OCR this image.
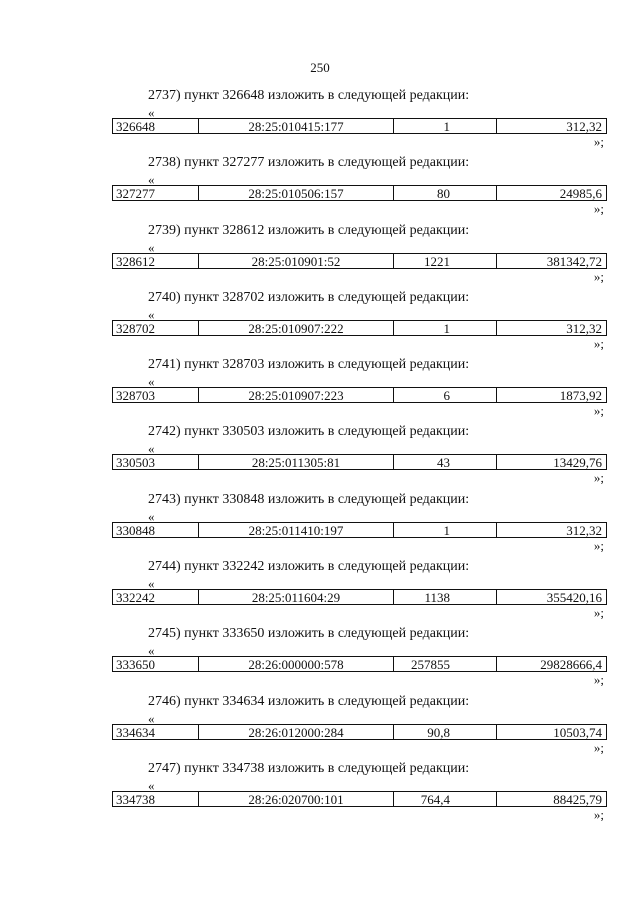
250
2737) пункт 326648 изложить в следующей редакции:
«
326648	28:25:010415:177	1	312,32
»;
2738) пункт 327277 изложить в следующей редакции:
«
327277	28:25:010506:157	80	24985,6
»;
2739) пункт 328612 изложить в следующей редакции:
«
328612	28:25:010901:52	1221	381342,72
»;
2740) пункт 328702 изложить в следующей редакции:
«
328702	28:25:010907:222	1	312,32
»;
2741) пункт 328703 изложить в следующей редакции:
«
328703	28:25:010907:223	6	1873,92
»;
2742) пункт 330503 изложить в следующей редакции:
«
330503	28:25:011305:81	43	13429,76
»;
2743) пункт 330848 изложить в следующей редакции:
«
330848	28:25:011410:197	1	312,32
»;
2744) пункт 332242 изложить в следующей редакции:
«
332242	28:25:011604:29	1138	355420,16
»;
2745) пункт 333650 изложить в следующей редакции:
«
333650	28:26:000000:578	257855	29828666,4
»;
2746) пункт 334634 изложить в следующей редакции:
«
334634	28:26:012000:284	90,8	10503,74
»;
2747) пункт 334738 изложить в следующей редакции:
«
334738	28:26:020700:101	764,4	88425,79
»;
